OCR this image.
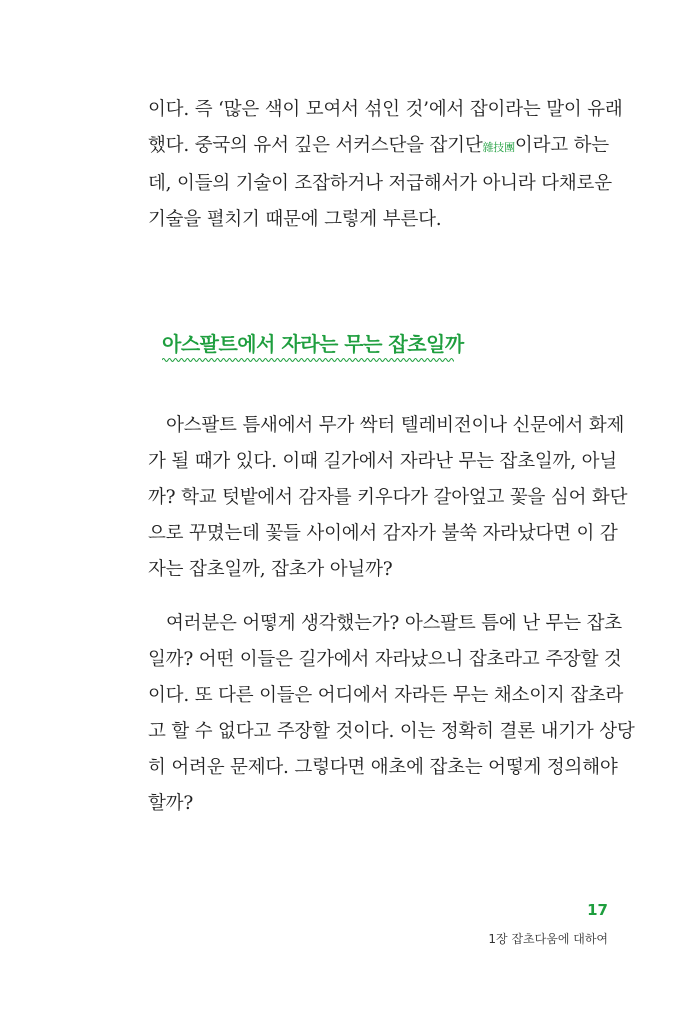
이다. 즉 ‘많은 색이 모여서 섞인 것’에서 잡이라는 말이 유래
했다. 중국의 유서 깊은 서커스단을 잡기단雜技團이라고 하는
데, 이들의 기술이 조잡하거나 저급해서가 아니라 다채로운
기술을 펼치기 때문에 그렇게 부른다.
아스팔트에서 자라는 무는 잡초일까
아스팔트 틈새에서 무가 싹터 텔레비전이나 신문에서 화제
가 될 때가 있다. 이때 길가에서 자라난 무는 잡초일까, 아닐
까? 학교 텃밭에서 감자를 키우다가 갈아엎고 꽃을 심어 화단
으로 꾸몄는데 꽃들 사이에서 감자가 불쑥 자라났다면 이 감
자는 잡초일까, 잡초가 아닐까?
여러분은 어떻게 생각했는가? 아스팔트 틈에 난 무는 잡초
일까? 어떤 이들은 길가에서 자라났으니 잡초라고 주장할 것
이다. 또 다른 이들은 어디에서 자라든 무는 채소이지 잡초라
고 할 수 없다고 주장할 것이다. 이는 정확히 결론 내기가 상당
히 어려운 문제다. 그렇다면 애초에 잡초는 어떻게 정의해야
할까?
17
1장 잡초다움에 대하여
